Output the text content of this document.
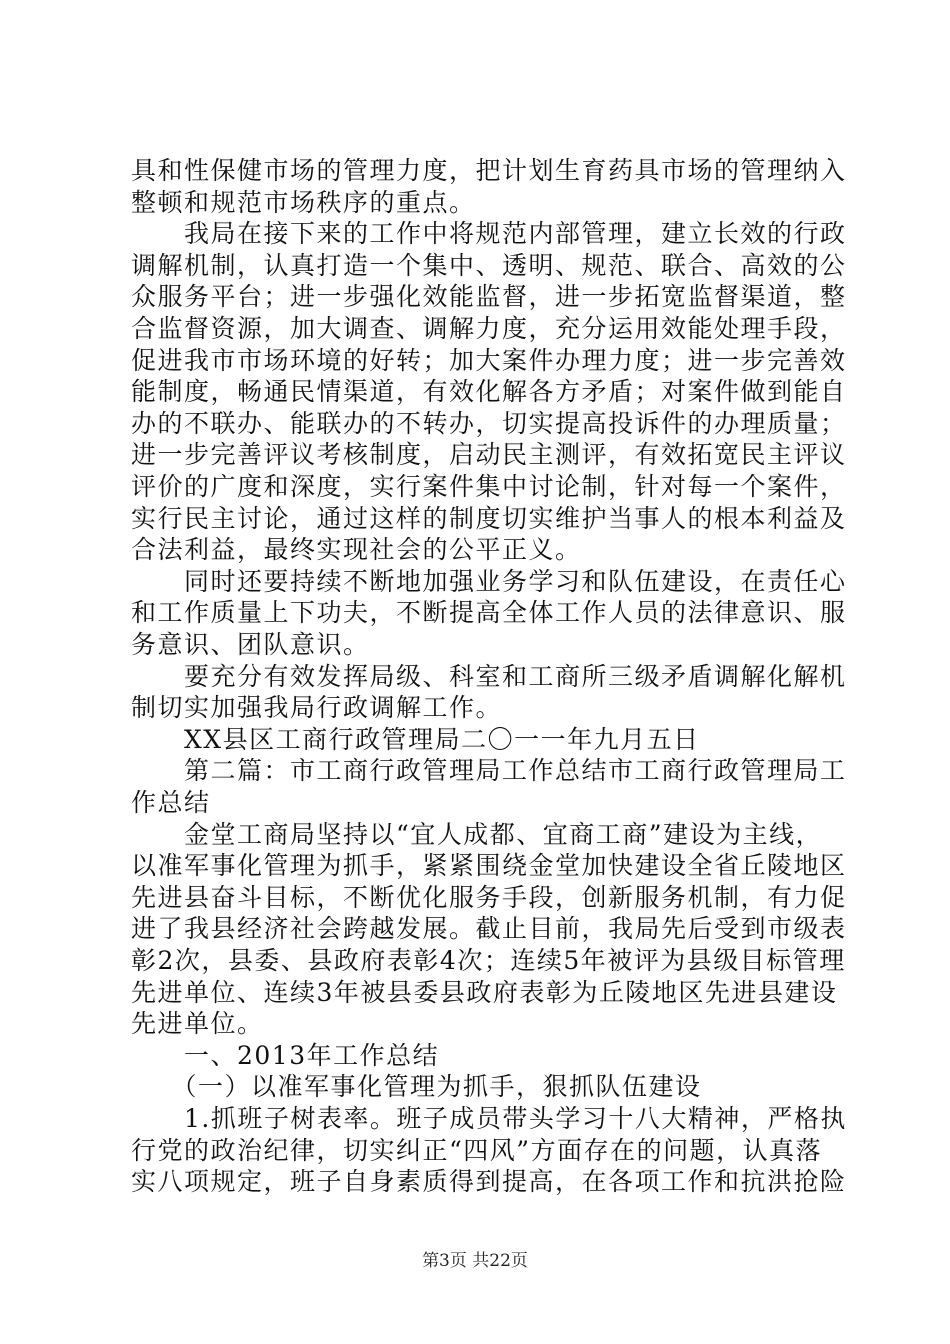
具和性保健市场的管理力度，把计划生育药具市场的管理纳入
整顿和规范市场秩序的重点。
　　我局在接下来的工作中将规范内部管理，建立长效的行政
调解机制，认真打造一个集中、透明、规范、联合、高效的公
众服务平台；进一步强化效能监督，进一步拓宽监督渠道，整
合监督资源，加大调查、调解力度，充分运用效能处理手段，
促进我市市场环境的好转；加大案件办理力度；进一步完善效
能制度，畅通民情渠道，有效化解各方矛盾；对案件做到能自
办的不联办、能联办的不转办，切实提高投诉件的办理质量；
进一步完善评议考核制度，启动民主测评，有效拓宽民主评议
评价的广度和深度，实行案件集中讨论制，针对每一个案件，
实行民主讨论，通过这样的制度切实维护当事人的根本利益及
合法利益，最终实现社会的公平正义。
　　同时还要持续不断地加强业务学习和队伍建设，在责任心
和工作质量上下功夫，不断提高全体工作人员的法律意识、服
务意识、团队意识。
　　要充分有效发挥局级、科室和工商所三级矛盾调解化解机
制切实加强我局行政调解工作。
　　XX县区工商行政管理局二〇一一年九月五日
　　第二篇：市工商行政管理局工作总结市工商行政管理局工
作总结
　　金堂工商局坚持以“宜人成都、宜商工商”建设为主线，
以准军事化管理为抓手，紧紧围绕金堂加快建设全省丘陵地区
先进县奋斗目标，不断优化服务手段，创新服务机制，有力促
进了我县经济社会跨越发展。截止目前，我局先后受到市级表
彰2次，县委、县政府表彰4次；连续5年被评为县级目标管理
先进单位、连续3年被县委县政府表彰为丘陵地区先进县建设
先进单位。
　　一、2013年工作总结
　　（一）以准军事化管理为抓手，狠抓队伍建设
　　1.抓班子树表率。班子成员带头学习十八大精神，严格执
行党的政治纪律，切实纠正“四风”方面存在的问题，认真落
实八项规定，班子自身素质得到提高，在各项工作和抗洪抢险
第3页 共22页
